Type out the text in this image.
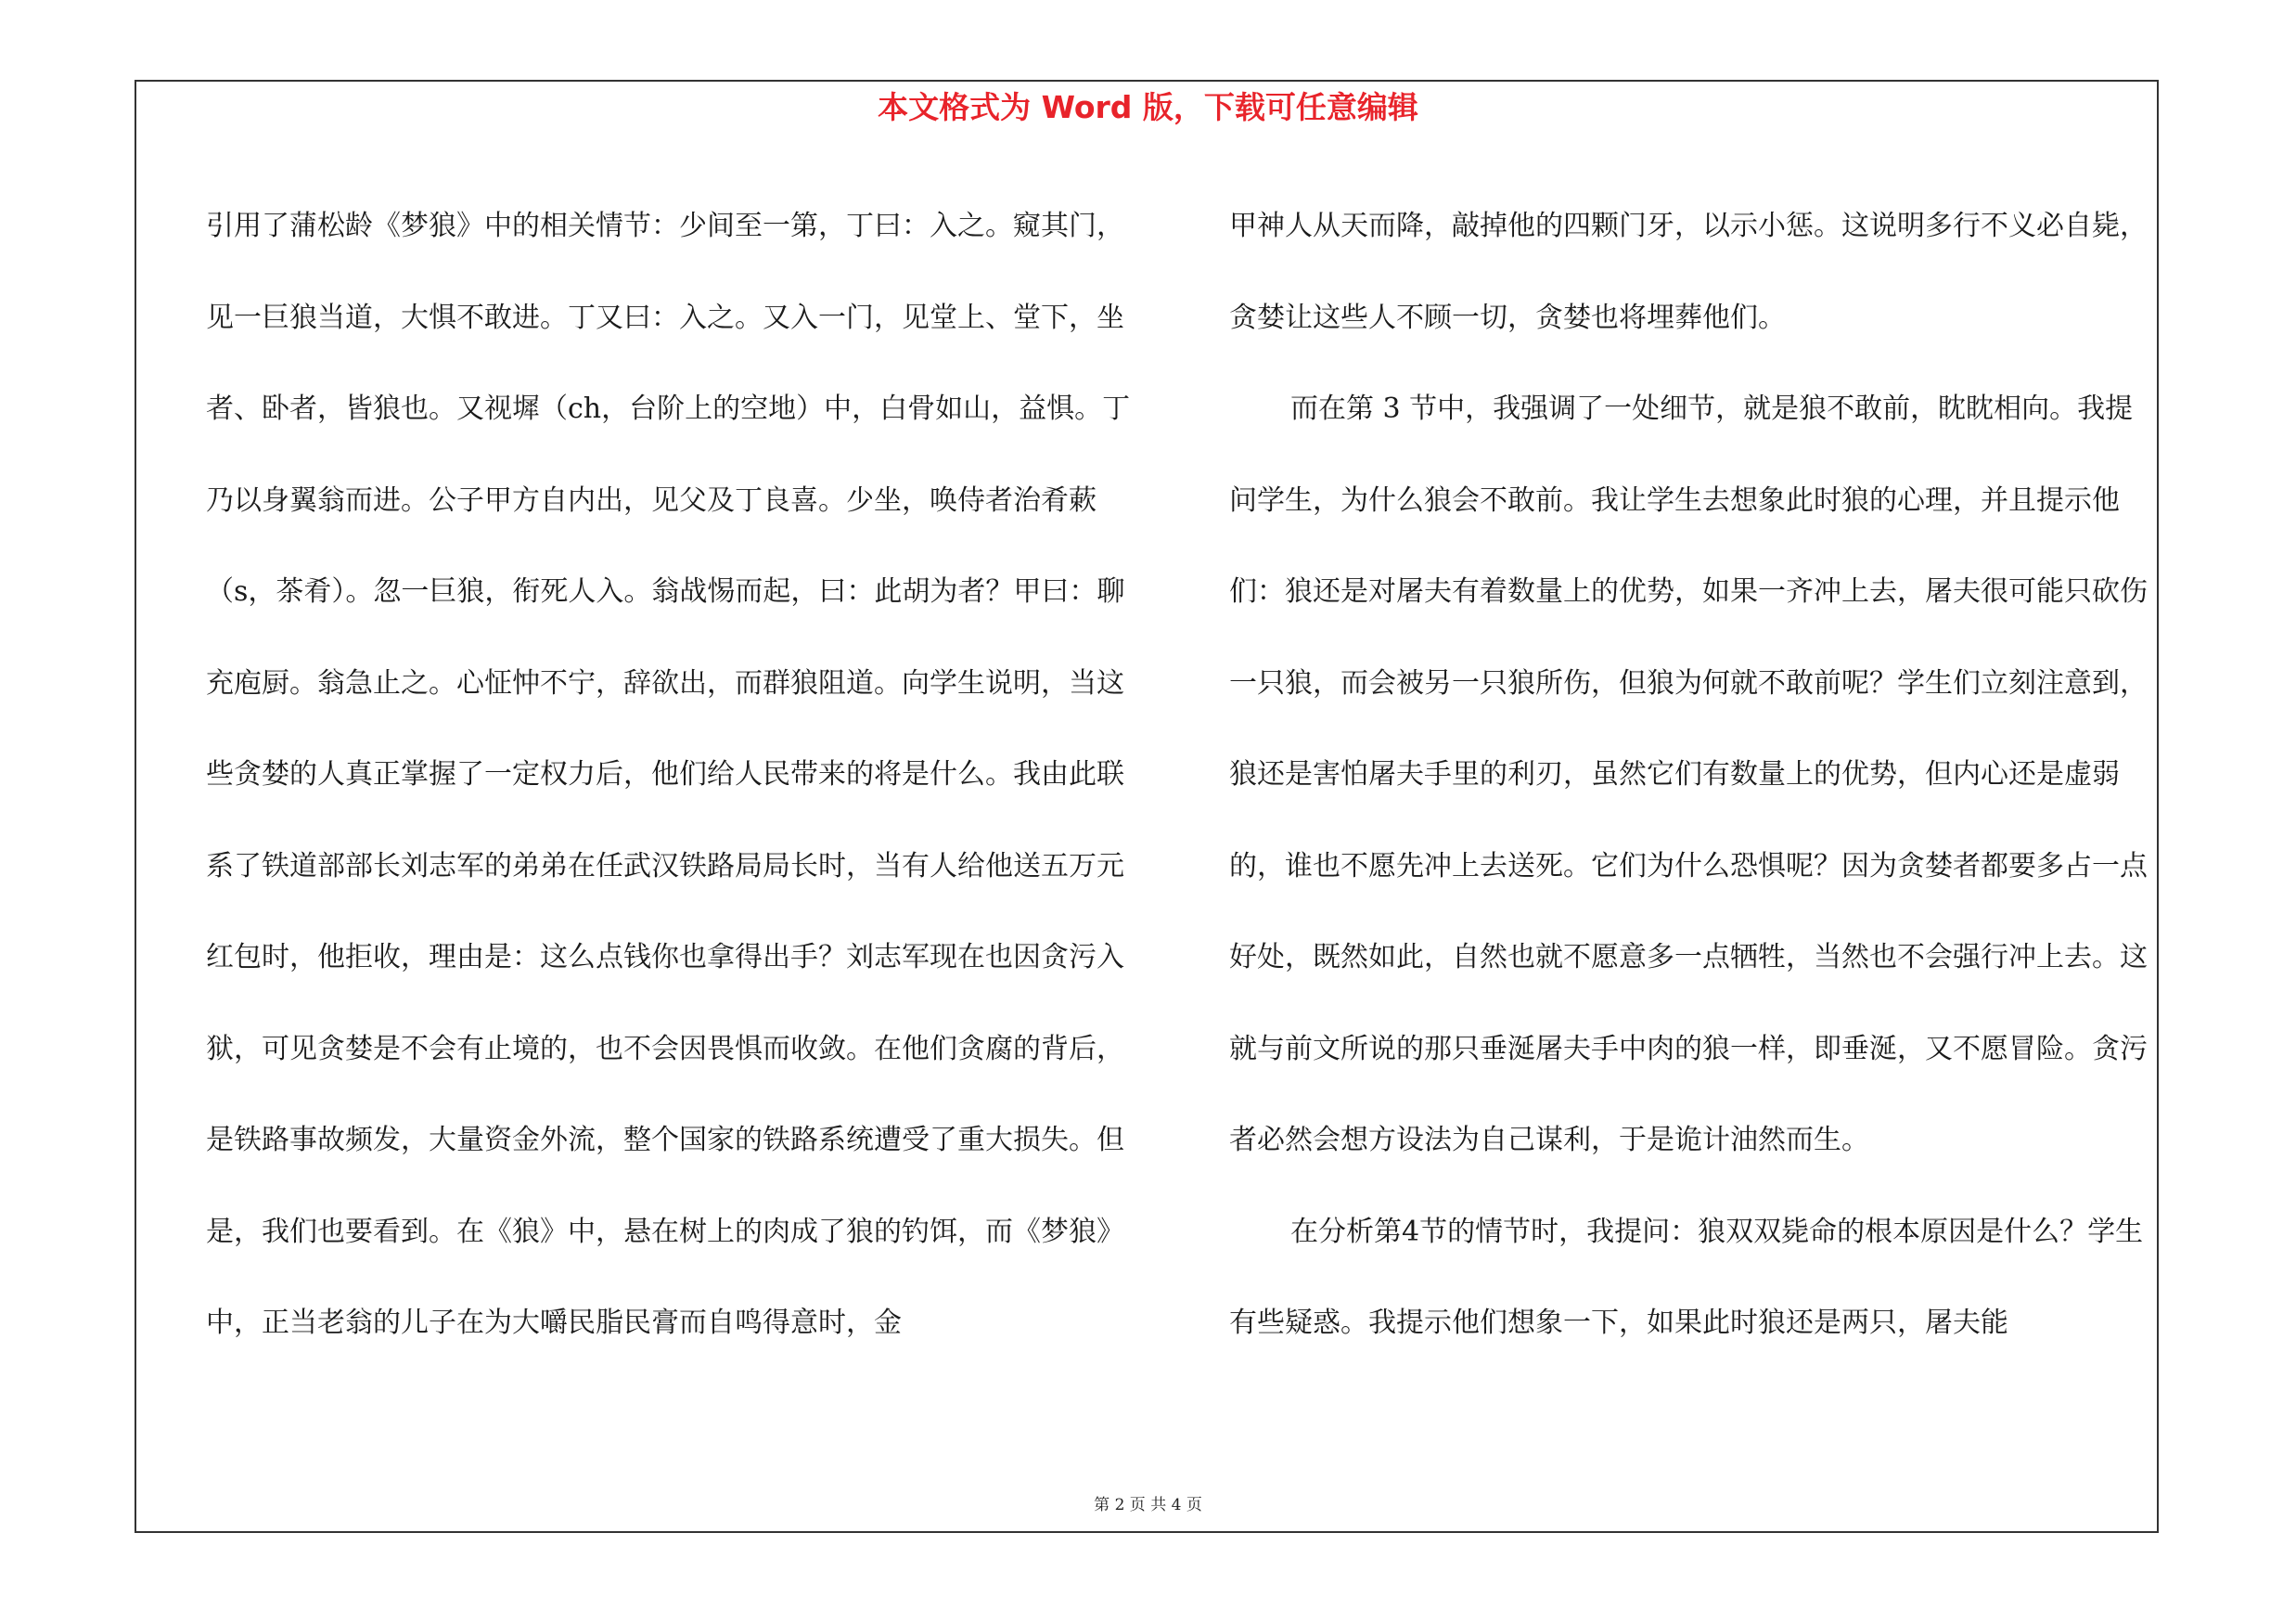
本文格式为 Word 版，下载可任意编辑

引用了蒲松龄《梦狼》中的相关情节：少间至一第，丁曰：入之。窥其门，见一巨狼当道，大惧不敢进。丁又曰：入之。又入一门，见堂上、堂下，坐者、卧者，皆狼也。又视墀（ch，台阶上的空地）中，白骨如山，益惧。丁乃以身翼翁而进。公子甲方自内出，见父及丁良喜。少坐，唤侍者治肴蔌（s，茶肴）。忽一巨狼，衔死人入。翁战惕而起，曰：此胡为者？甲曰：聊充庖厨。翁急止之。心怔忡不宁，辞欲出，而群狼阻道。向学生说明，当这些贪婪的人真正掌握了一定权力后，他们给人民带来的将是什么。我由此联系了铁道部部长刘志军的弟弟在任武汉铁路局局长时，当有人给他送五万元红包时，他拒收，理由是：这么点钱你也拿得出手？刘志军现在也因贪污入狱，可见贪婪是不会有止境的，也不会因畏惧而收敛。在他们贪腐的背后，是铁路事故频发，大量资金外流，整个国家的铁路系统遭受了重大损失。但是，我们也要看到。在《狼》中，悬在树上的肉成了狼的钓饵，而《梦狼》中，正当老翁的儿子在为大嚼民脂民膏而自鸣得意时，金

甲神人从天而降，敲掉他的四颗门牙，以示小惩。这说明多行不义必自毙，贪婪让这些人不顾一切，贪婪也将埋葬他们。

而在第 3 节中，我强调了一处细节，就是狼不敢前，眈眈相向。我提问学生，为什么狼会不敢前。我让学生去想象此时狼的心理，并且提示他们：狼还是对屠夫有着数量上的优势，如果一齐冲上去，屠夫很可能只砍伤一只狼，而会被另一只狼所伤，但狼为何就不敢前呢？学生们立刻注意到，狼还是害怕屠夫手里的利刃，虽然它们有数量上的优势，但内心还是虚弱的，谁也不愿先冲上去送死。它们为什么恐惧呢？因为贪婪者都要多占一点好处，既然如此，自然也就不愿意多一点牺牲，当然也不会强行冲上去。这就与前文所说的那只垂涎屠夫手中肉的狼一样，即垂涎，又不愿冒险。贪污者必然会想方设法为自己谋利，于是诡计油然而生。

在分析第4节的情节时，我提问：狼双双毙命的根本原因是什么？学生有些疑惑。我提示他们想象一下，如果此时狼还是两只，屠夫能

第 2 页 共 4 页
